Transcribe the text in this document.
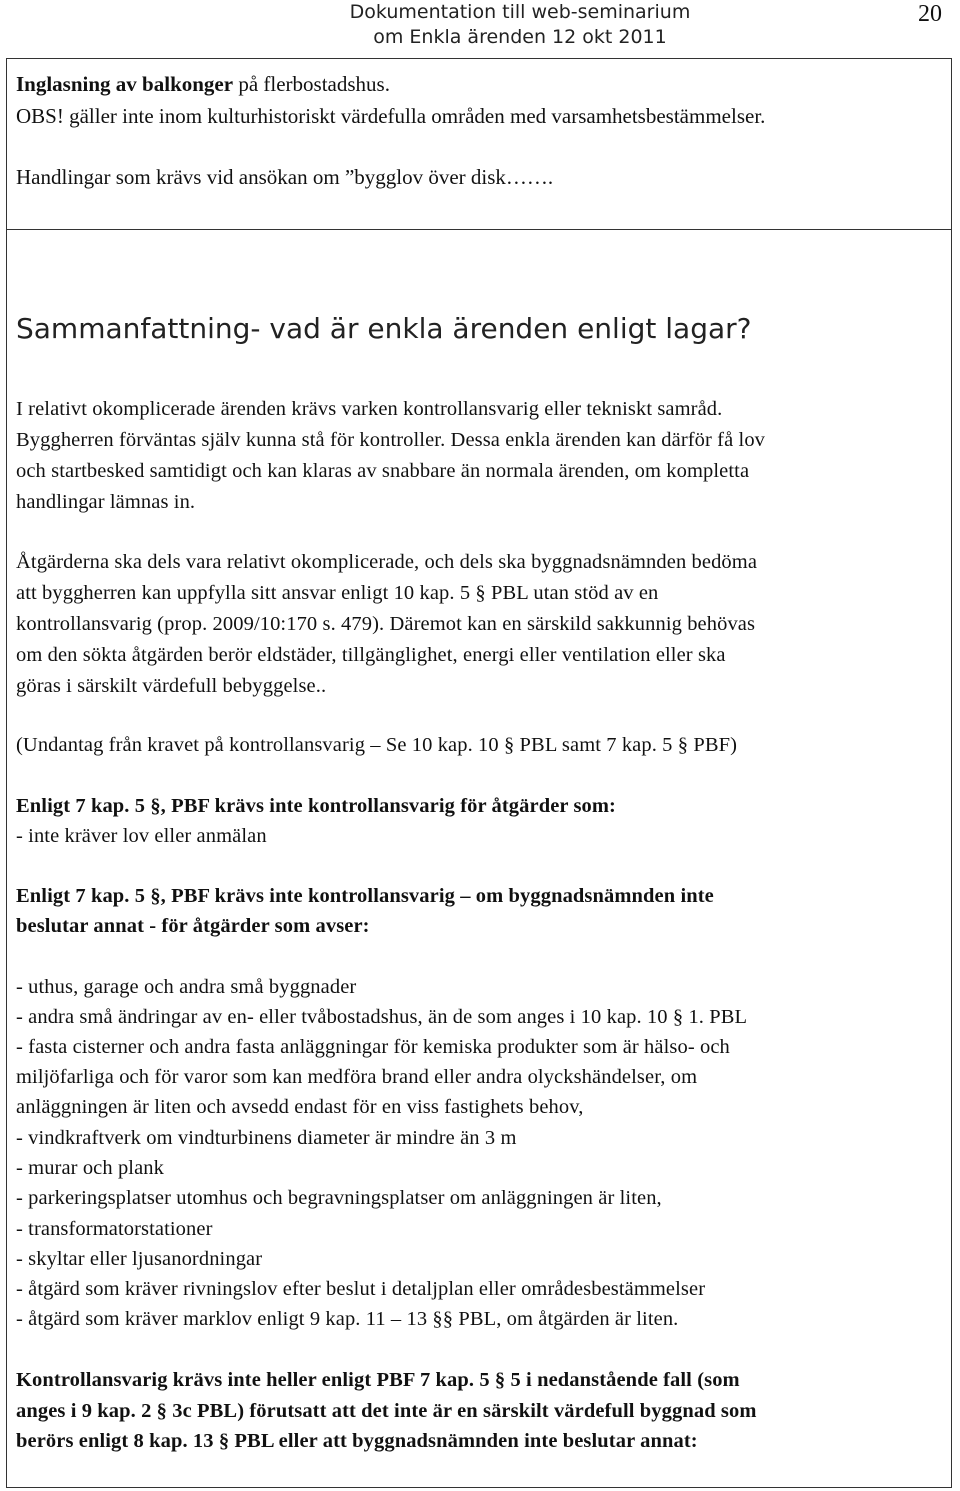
Dokumentation till web-seminarium
om Enkla ärenden 12 okt 2011
20
Inglasning av balkonger på flerbostadshus.
OBS! gäller inte inom kulturhistoriskt värdefulla områden med varsamhetsbestämmelser.
Handlingar som krävs vid ansökan om ”bygglov över disk…….
Sammanfattning- vad är enkla ärenden enligt lagar?
I relativt okomplicerade ärenden krävs varken kontrollansvarig eller tekniskt samråd.
Byggherren förväntas själv kunna stå för kontroller. Dessa enkla ärenden kan därför få lov
och startbesked samtidigt och kan klaras av snabbare än normala ärenden, om kompletta
handlingar lämnas in.
Åtgärderna ska dels vara relativt okomplicerade, och dels ska byggnadsnämnden bedöma
att byggherren kan uppfylla sitt ansvar enligt 10 kap. 5 § PBL utan stöd av en
kontrollansvarig (prop. 2009/10:170 s. 479). Däremot kan en särskild sakkunnig behövas
om den sökta åtgärden berör eldstäder, tillgänglighet, energi eller ventilation eller ska
göras i särskilt värdefull bebyggelse..
(Undantag från kravet på kontrollansvarig – Se 10 kap. 10 § PBL samt 7 kap. 5 § PBF)
Enligt 7 kap. 5 §, PBF krävs inte kontrollansvarig för åtgärder som:
- inte kräver lov eller anmälan
Enligt 7 kap. 5 §, PBF krävs inte kontrollansvarig – om byggnadsnämnden inte
beslutar annat - för åtgärder som avser:
- uthus, garage och andra små byggnader
- andra små ändringar av en- eller tvåbostadshus, än de som anges i 10 kap. 10 § 1. PBL
- fasta cisterner och andra fasta anläggningar för kemiska produkter som är hälso- och
miljöfarliga och för varor som kan medföra brand eller andra olyckshändelser, om
anläggningen är liten och avsedd endast för en viss fastighets behov,
- vindkraftverk om vindturbinens diameter är mindre än 3 m
- murar och plank
- parkeringsplatser utomhus och begravningsplatser om anläggningen är liten,
- transformatorstationer
- skyltar eller ljusanordningar
- åtgärd som kräver rivningslov efter beslut i detaljplan eller områdesbestämmelser
- åtgärd som kräver marklov enligt 9 kap. 11 – 13 §§ PBL, om åtgärden är liten.
Kontrollansvarig krävs inte heller enligt PBF 7 kap. 5 § 5 i nedanstående fall (som
anges i 9 kap. 2 § 3c PBL) förutsatt att det inte är en särskilt värdefull byggnad som
berörs enligt 8 kap. 13 § PBL eller att byggnadsnämnden inte beslutar annat:
